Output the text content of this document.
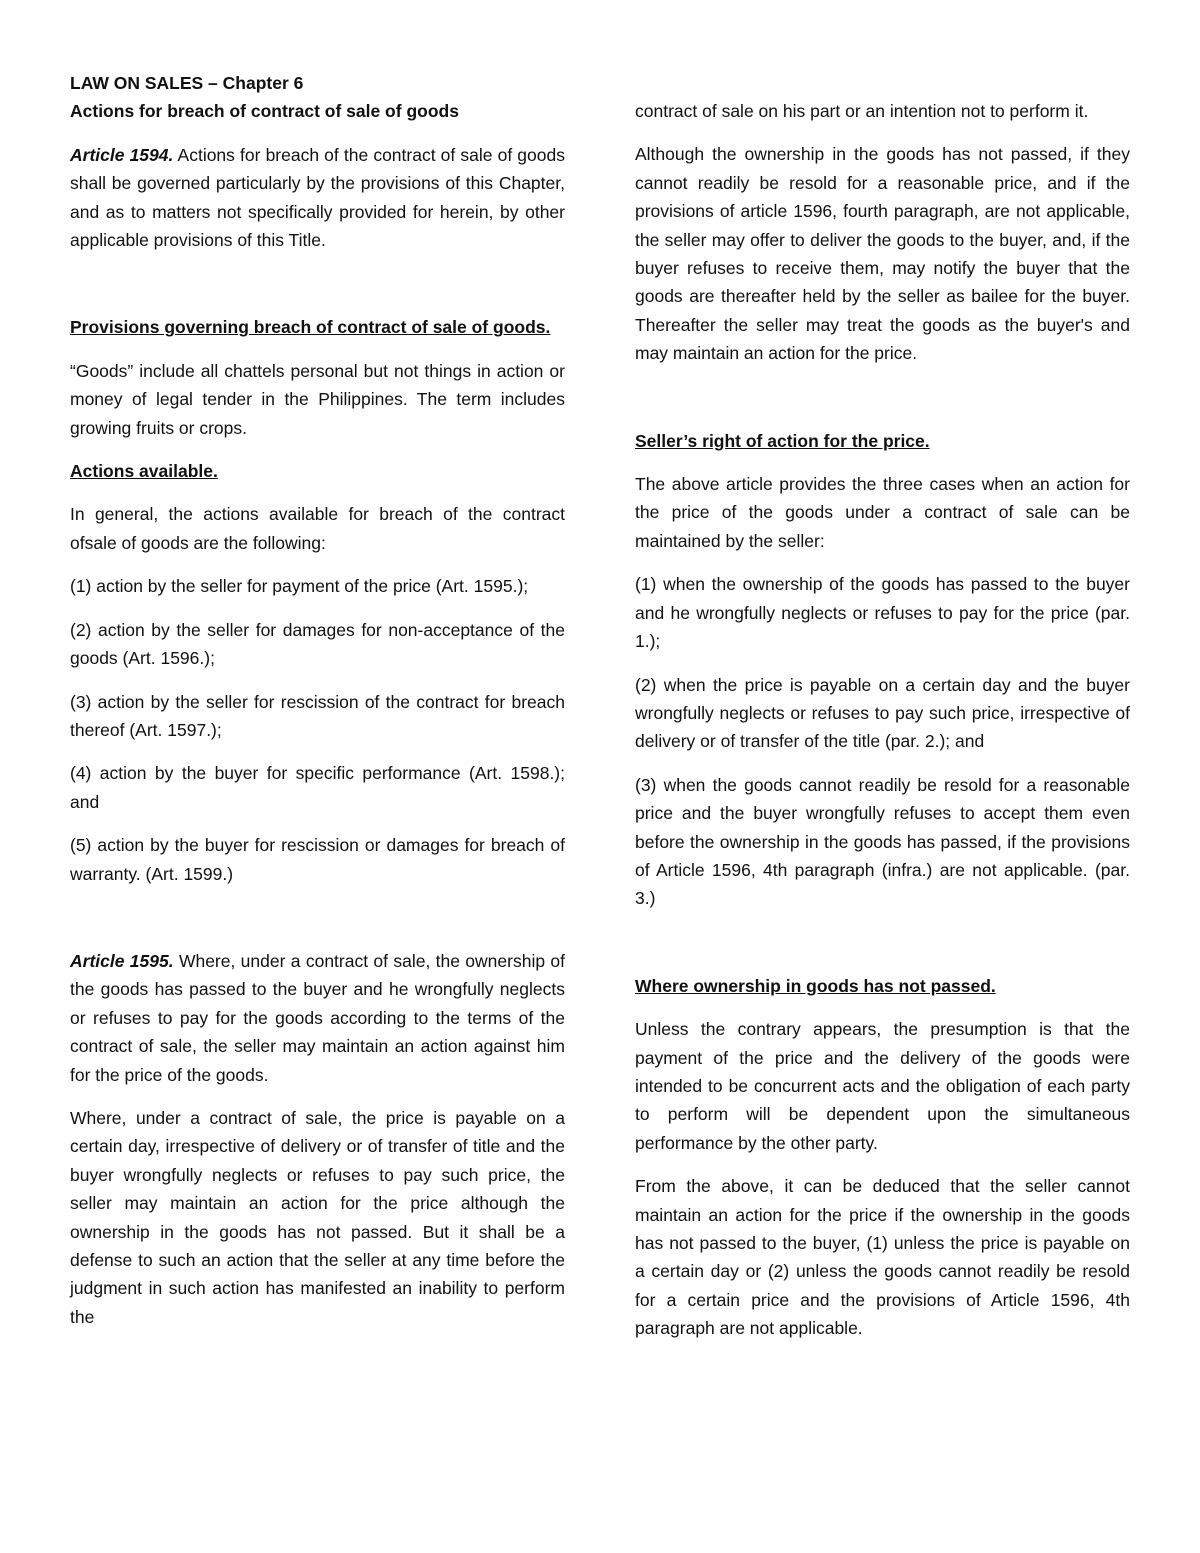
LAW ON SALES – Chapter 6
Actions for breach of contract of sale of goods

Article 1594. Actions for breach of the contract of sale of goods shall be governed particularly by the provisions of this Chapter, and as to matters not specifically provided for herein, by other applicable provisions of this Title.

Provisions governing breach of contract of sale of goods.

“Goods” include all chattels personal but not things in action or money of legal tender in the Philippines. The term includes growing fruits or crops.

Actions available.

In general, the actions available for breach of the contract ofsale of goods are the following:

(1) action by the seller for payment of the price (Art. 1595.);

(2) action by the seller for damages for non-acceptance of the goods (Art. 1596.);

(3) action by the seller for rescission of the contract for breach thereof (Art. 1597.);

(4) action by the buyer for specific performance (Art. 1598.); and

(5) action by the buyer for rescission or damages for breach of warranty. (Art. 1599.)

Article 1595. Where, under a contract of sale, the ownership of the goods has passed to the buyer and he wrongfully neglects or refuses to pay for the goods according to the terms of the contract of sale, the seller may maintain an action against him for the price of the goods.

Where, under a contract of sale, the price is payable on a certain day, irrespective of delivery or of transfer of title and the buyer wrongfully neglects or refuses to pay such price, the seller may maintain an action for the price although the ownership in the goods has not passed. But it shall be a defense to such an action that the seller at any time before the judgment in such action has manifested an inability to perform the

contract of sale on his part or an intention not to perform it.

Although the ownership in the goods has not passed, if they cannot readily be resold for a reasonable price, and if the provisions of article 1596, fourth paragraph, are not applicable, the seller may offer to deliver the goods to the buyer, and, if the buyer refuses to receive them, may notify the buyer that the goods are thereafter held by the seller as bailee for the buyer. Thereafter the seller may treat the goods as the buyer's and may maintain an action for the price.

Seller’s right of action for the price.

The above article provides the three cases when an action for the price of the goods under a contract of sale can be maintained by the seller:

(1) when the ownership of the goods has passed to the buyer and he wrongfully neglects or refuses to pay for the price (par. 1.);

(2) when the price is payable on a certain day and the buyer wrongfully neglects or refuses to pay such price, irrespective of delivery or of transfer of the title (par. 2.); and

(3) when the goods cannot readily be resold for a reasonable price and the buyer wrongfully refuses to accept them even before the ownership in the goods has passed, if the provisions of Article 1596, 4th paragraph (infra.) are not applicable. (par. 3.)

Where ownership in goods has not passed.

Unless the contrary appears, the presumption is that the payment of the price and the delivery of the goods were intended to be concurrent acts and the obligation of each party to perform will be dependent upon the simultaneous performance by the other party.

From the above, it can be deduced that the seller cannot maintain an action for the price if the ownership in the goods has not passed to the buyer, (1) unless the price is payable on a certain day or (2) unless the goods cannot readily be resold for a certain price and the provisions of Article 1596, 4th paragraph are not applicable.
